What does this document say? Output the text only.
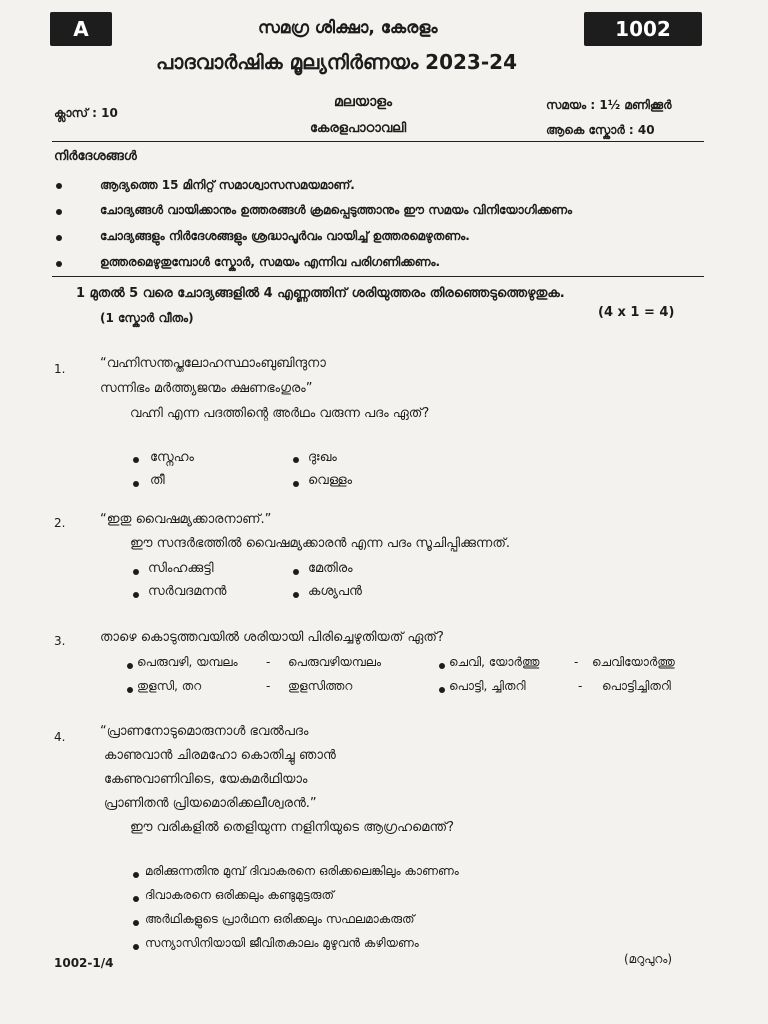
A	1002
സമഗ്ര ശിക്ഷാ, കേരളം
പാദവാർഷിക മൂല്യനിർണയം 2023-24
ക്ലാസ് : 10
മലയാളം
കേരളപാഠാവലി
സമയം : 1½ മണിക്കൂർ
ആകെ സ്കോർ : 40
നിർദേശങ്ങൾ
ആദ്യത്തെ 15 മിനിറ്റ് സമാശ്വാസസമയമാണ്.
ചോദ്യങ്ങൾ വായിക്കാനും ഉത്തരങ്ങൾ ക്രമപ്പെടുത്താനും ഈ സമയം വിനിയോഗിക്കണം
ചോദ്യങ്ങളും നിർദേശങ്ങളും ശ്രദ്ധാപൂർവം വായിച്ച് ഉത്തരമെഴുതണം.
ഉത്തരമെഴുതുമ്പോൾ സ്കോർ, സമയം എന്നിവ പരിഗണിക്കണം.
1 മുതൽ 5 വരെ ചോദ്യങ്ങളിൽ 4 എണ്ണത്തിന് ശരിയുത്തരം തിരഞ്ഞെടുത്തെഴുതുക.
(1 സ്കോർ വീതം)	(4 x 1 = 4)
1.	“വഹ്നിസന്തപ്തലോഹസ്ഥാംബുബിന്ദുനാ
സന്നിഭം മർത്ത്യജന്മം ക്ഷണഭംഗുരം”
വഹ്നി എന്ന പദത്തിന്റെ അർഥം വരുന്ന പദം ഏത്?
സ്നേഹം	ദുഃഖം
തീ	വെള്ളം
2.	“ഇതു വൈഷമ്യക്കാരനാണ്.”
ഈ സന്ദർഭത്തിൽ വൈഷമ്യക്കാരൻ എന്ന പദം സൂചിപ്പിക്കുന്നത്.
സിംഹക്കുട്ടി	മേതിരം
സർവദമനൻ	കശ്യപൻ
3.	താഴെ കൊടുത്തവയിൽ ശരിയായി പിരിച്ചെഴുതിയത് ഏത്?
പെരുവഴി, യമ്പലം - പെരുവഴിയമ്പലം	ചെവി, യോർത്തു	- ചെവിയോർത്തു
തുളസി, തറ	- തുളസിത്തറ	പൊട്ടി, ച്ചിതറി	- പൊട്ടിച്ചിതറി
4.	“പ്രാണനോടുമൊരുനാൾ ഭവൽപദം
കാണുവാൻ ചിരമഹോ കൊതിച്ചു ഞാൻ
കേണുവാണിവിടെ, യേകുമർഥിയാം
പ്രാണിതൻ പ്രിയമൊരിക്കലീശ്വരൻ.”
ഈ വരികളിൽ തെളിയുന്ന നളിനിയുടെ ആഗ്രഹമെന്ത്?
മരിക്കുന്നതിനു മുമ്പ് ദിവാകരനെ ഒരിക്കലെങ്കിലും കാണണം
ദിവാകരനെ ഒരിക്കലും കണ്ടുമുട്ടരുത്
അർഥികളുടെ പ്രാർഥന ഒരിക്കലും സഫലമാകരുത്
സന്യാസിനിയായി ജീവിതകാലം മുഴുവൻ കഴിയണം
1002-1/4	(മറുപുറം)
